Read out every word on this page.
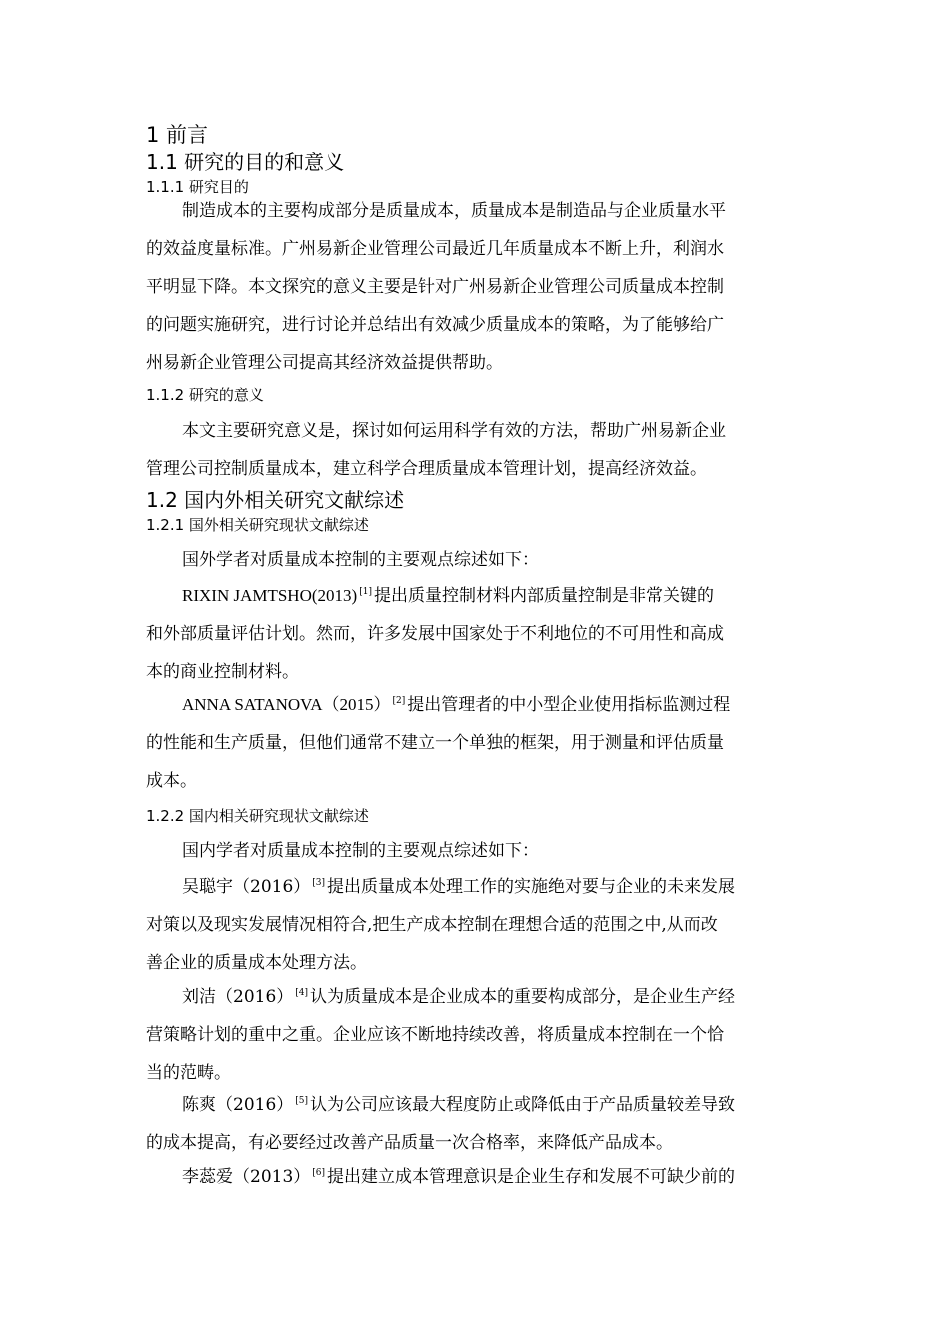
1 前言
1.1 研究的目的和意义
1.1.1 研究目的
制造成本的主要构成部分是质量成本，质量成本是制造品与企业质量水平
的效益度量标准。广州易新企业管理公司最近几年质量成本不断上升，利润水
平明显下降。本文探究的意义主要是针对广州易新企业管理公司质量成本控制
的问题实施研究，进行讨论并总结出有效减少质量成本的策略，为了能够给广
州易新企业管理公司提高其经济效益提供帮助。
1.1.2 研究的意义
本文主要研究意义是，探讨如何运用科学有效的方法，帮助广州易新企业
管理公司控制质量成本，建立科学合理质量成本管理计划，提高经济效益。
1.2 国内外相关研究文献综述
1.2.1 国外相关研究现状文献综述
国外学者对质量成本控制的主要观点综述如下：
RIXIN JAMTSHO(2013) [1] 提出质量控制材料内部质量控制是非常关键的
和外部质量评估计划。然而，许多发展中国家处于不利地位的不可用性和高成
本的商业控制材料。
ANNA SATANOVA（2015） [2] 提出管理者的中小型企业使用指标监测过程
的性能和生产质量，但他们通常不建立一个单独的框架，用于测量和评估质量
成本。
1.2.2 国内相关研究现状文献综述
国内学者对质量成本控制的主要观点综述如下：
吴聪宇（2016） [3] 提出质量成本处理工作的实施绝对要与企业的未来发展
对策以及现实发展情况相符合,把生产成本控制在理想合适的范围之中,从而改
善企业的质量成本处理方法。
刘洁（2016） [4] 认为质量成本是企业成本的重要构成部分，是企业生产经
营策略计划的重中之重。企业应该不断地持续改善，将质量成本控制在一个恰
当的范畴。
陈爽（2016） [5] 认为公司应该最大程度防止或降低由于产品质量较差导致
的成本提高，有必要经过改善产品质量一次合格率，来降低产品成本。
李蕊爱（2013） [6] 提出建立成本管理意识是企业生存和发展不可缺少前的
